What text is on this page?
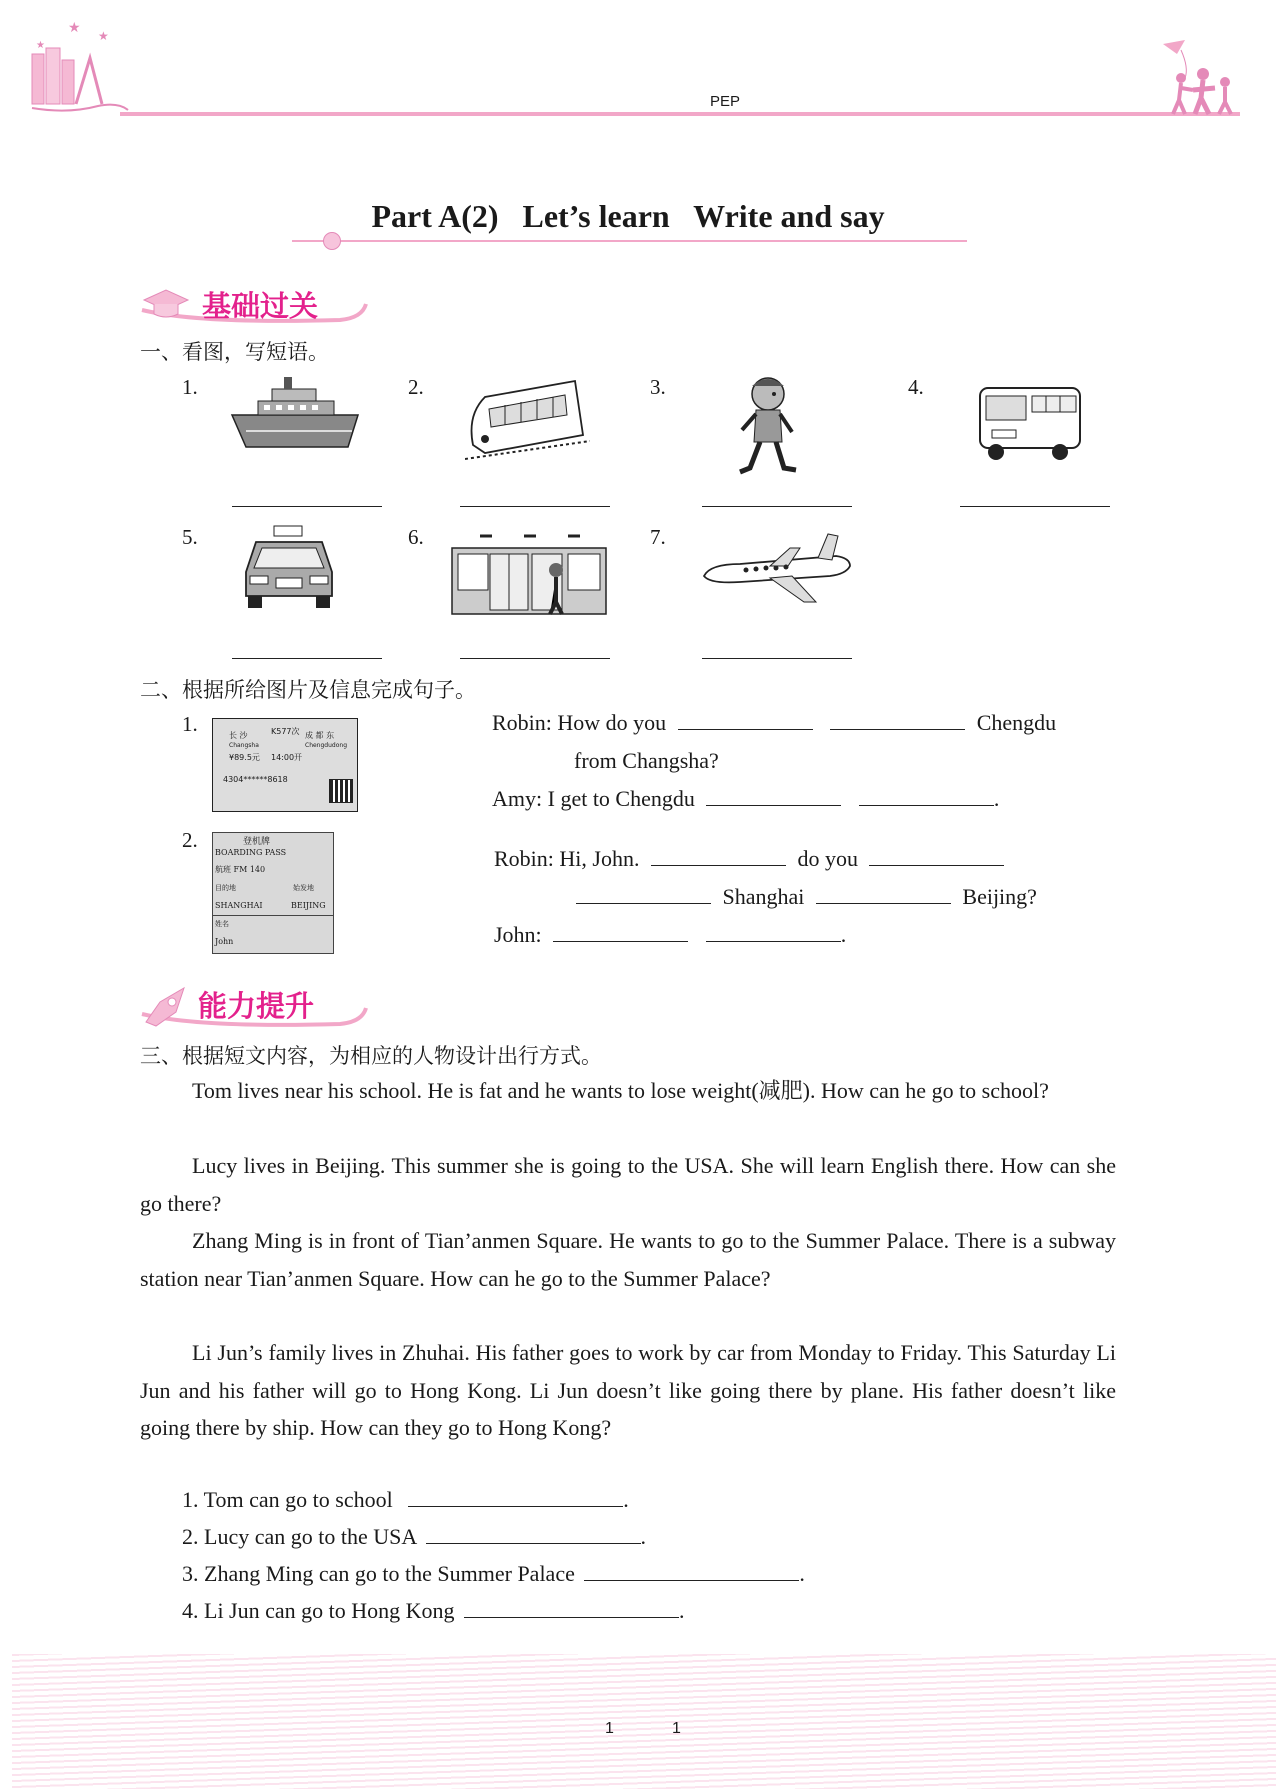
★ ★
★
PEP
Part A(2)   Let’s learn   Write and say
基础过关
一、看图，写短语。
1.	2.	3.	4.
5.	6.	7.
二、根据所给图片及信息完成句子。
1.	长 沙
Changsha
K577次 成 都 东
Chengdudong
¥89.5元 14:00开
4304******8618
Robin: How do you	Chengdu
from Changsha?
Amy: I get to Chengdu	.
2.	登机牌
BOARDING PASS
航班 FM 140
目的地	始发地
SHANGHAI	BEIJING
姓名
John
Robin: Hi, John.	do you
Shanghai	Beijing?
John:	.
能力提升
三、根据短文内容，为相应的人物设计出行方式。
Tom lives near his school. He is fat and he wants to lose weight(减肥). How can he go to school?
Lucy lives in Beijing. This summer she is going to the USA. She will learn English there. How can she go there?
Zhang Ming is in front of Tian’anmen Square. He wants to go to the Summer Palace. There is a subway station near Tian’anmen Square. How can he go to the Summer Palace?
Li Jun’s family lives in Zhuhai. His father goes to work by car from Monday to Friday. This Saturday Li Jun and his father will go to Hong Kong. Li Jun doesn’t like going there by plane. His father doesn’t like going there by ship. How can they go to Hong Kong?
1. Tom can go to school	.
2. Lucy can go to the USA	.
3. Zhang Ming can go to the Summer Palace	.
4. Li Jun can go to Hong Kong	.
1	1
